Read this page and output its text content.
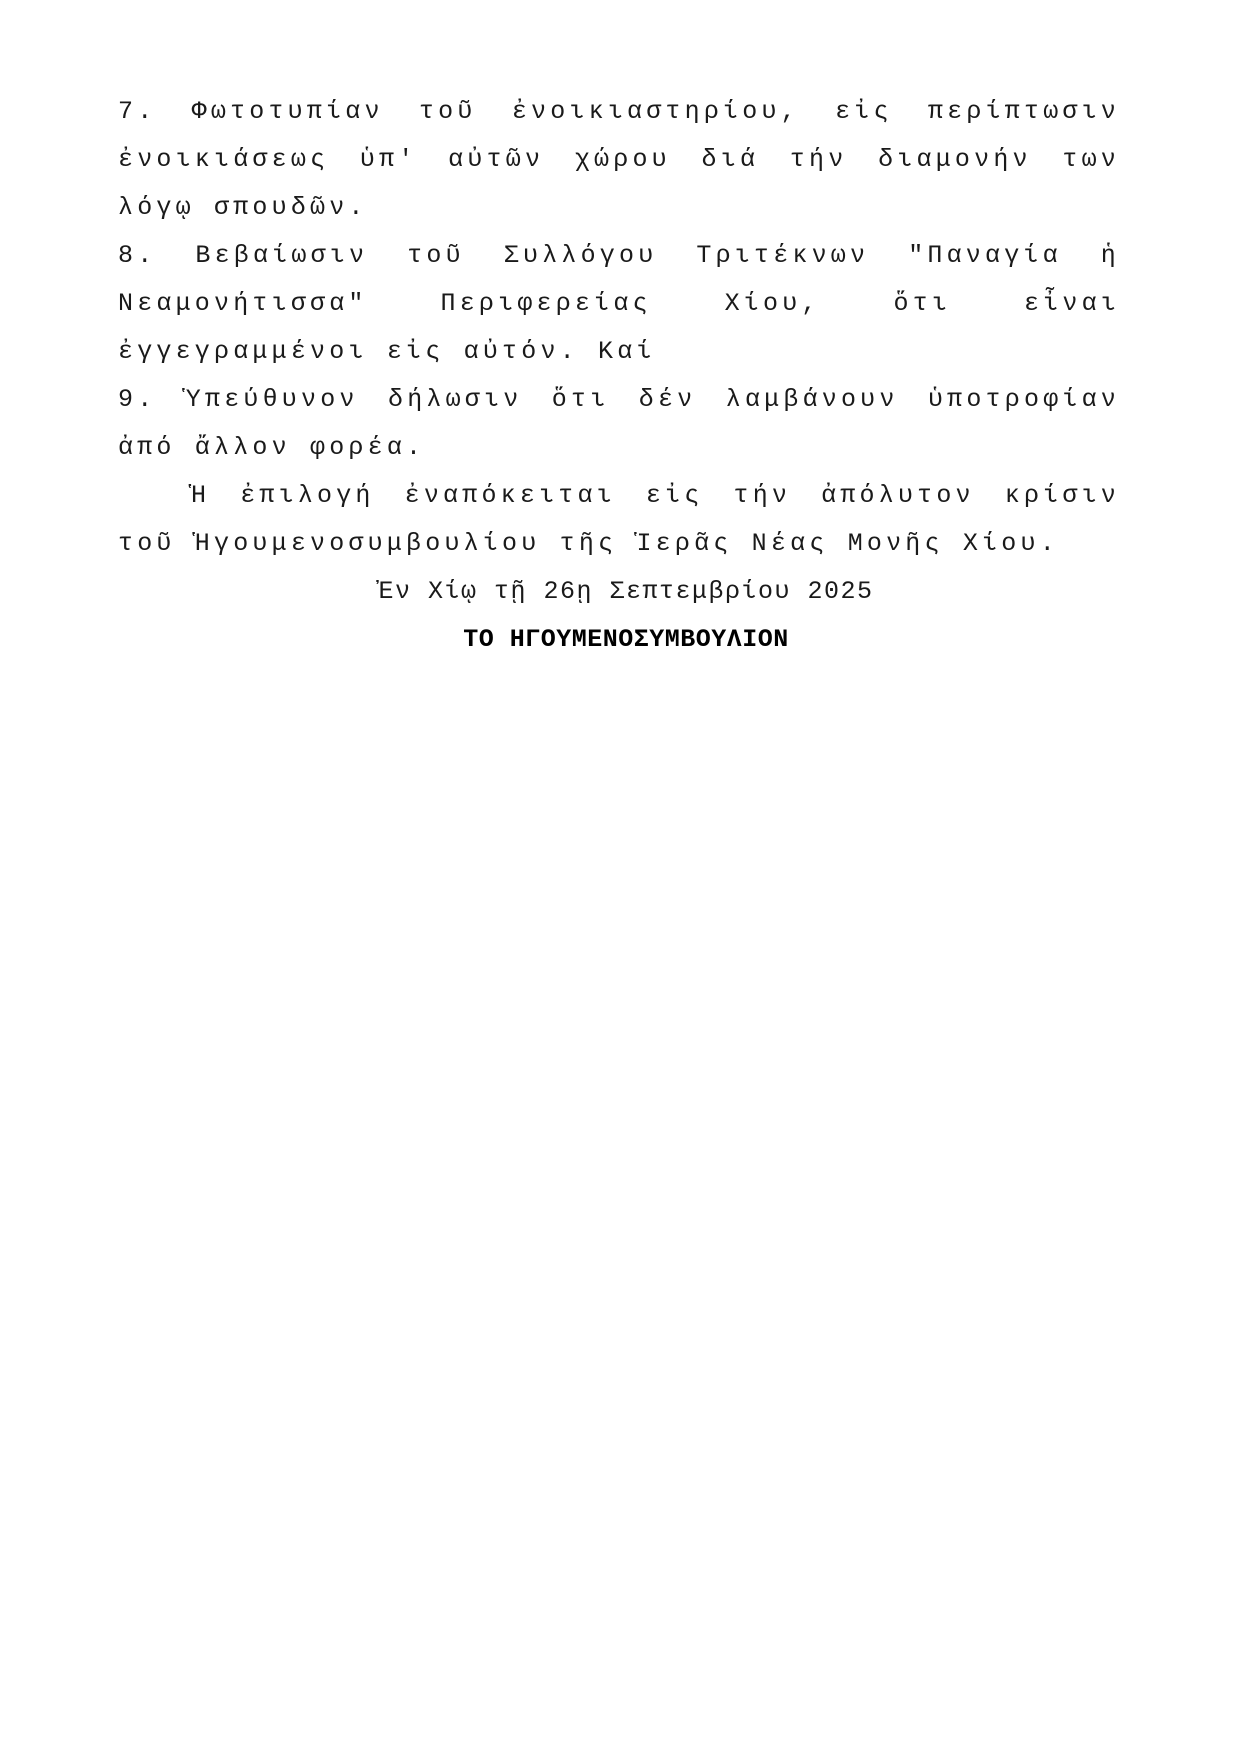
7. Φωτοτυπίαν τοῦ ἐνοικιαστηρίου, εἰς περίπτωσιν ἐνοικιάσεως ὑπ' αὐτῶν χώρου διά τήν διαμονήν των λόγῳ σπουδῶν.

8. Βεβαίωσιν τοῦ Συλλόγου Τριτέκνων "Παναγία ἡ Νεαμονήτισσα" Περιφερείας Χίου, ὅτι εἶναι ἐγγεγραμμένοι εἰς αὐτόν. Καί

9. Ὑπεύθυνον δήλωσιν ὅτι δέν λαμβάνουν ὑποτροφίαν ἀπό ἄλλον φορέα.

Ἡ ἐπιλογή ἐναπόκειται εἰς τήν ἀπόλυτον κρίσιν τοῦ Ἡγουμενοσυμβουλίου τῆς Ἱερᾶς Νέας Μονῆς Χίου.

Ἐν Χίῳ τῇ 26ῃ Σεπτεμβρίου 2025

ΤΟ ΗΓΟΥΜΕΝΟΣΥΜΒΟΥΛΙΟΝ
